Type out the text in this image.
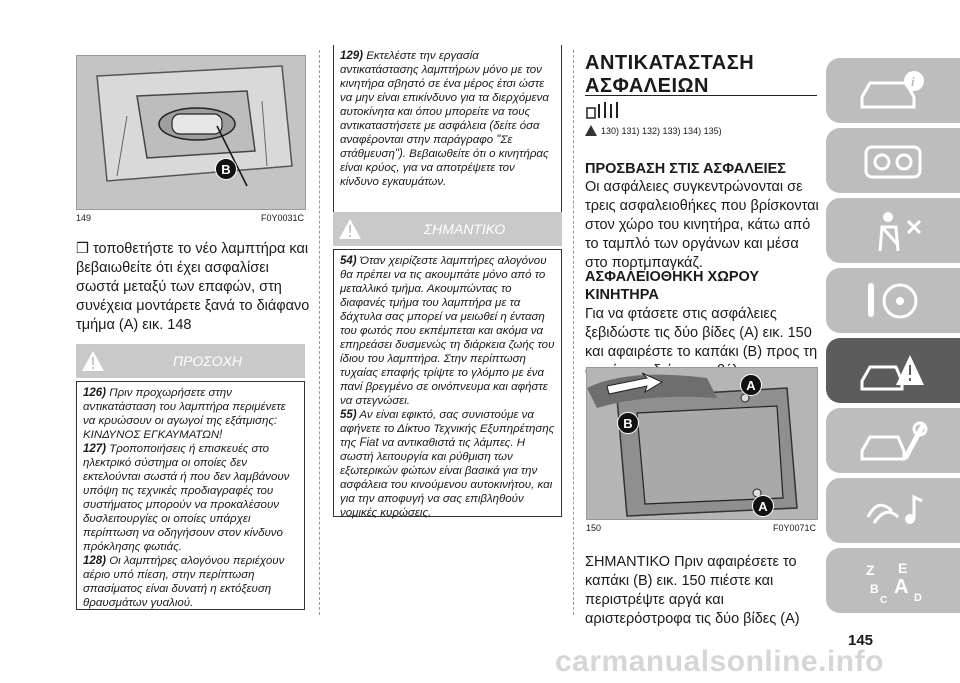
B
149	F0Y0031C
❒ τοποθετήστε το νέο λαμπτήρα και βεβαιωθείτε ότι έχει ασφαλίσει σωστά μεταξύ των επαφών, στη συνέχεια μοντάρετε ξανά το διάφανο τμήμα (A) εικ. 148
ΠΡΟΣΟΧΗ
126) Πριν προχωρήσετε στην αντικατάσταση του λαμπτήρα περιμένετε να κρυώσουν οι αγωγοί της εξάτμισης: ΚΙΝΔΥΝΟΣ ΕΓΚΑΥΜΑΤΩΝ!
127) Τροποποιήσεις ή επισκευές στο ηλεκτρικό σύστημα οι οποίες δεν εκτελούνται σωστά ή που δεν λαμβάνουν υπόψη τις τεχνικές προδιαγραφές του συστήματος μπορούν να προκαλέσουν δυσλειτουργίες οι οποίες υπάρχει περίπτωση να οδηγήσουν στον κίνδυνο πρόκλησης φωτιάς.
128) Οι λαμπτήρες αλογόνου περιέχουν αέριο υπό πίεση, στην περίπτωση σπασίματος είναι δυνατή η εκτόξευση θραυσμάτων γυαλιού.
129) Εκτελέστε την εργασία αντικατάστασης λαμπτήρων μόνο με τον κινητήρα σβηστό σε ένα μέρος έτσι ώστε να μην είναι επικίνδυνο για τα διερχόμενα αυτοκίνητα και όπου μπορείτε να τους αντικαταστήσετε με ασφάλεια (δείτε όσα αναφέρονται στην παράγραφο "Σε στάθμευση"). Βεβαιωθείτε ότι ο κινητήρας είναι κρύος, για να αποτρέψετε τον κίνδυνο εγκαυμάτων.
ΣΗΜΑΝΤΙΚΟ
54) Όταν χειρίζεστε λαμπτήρες αλογόνου θα πρέπει να τις ακουμπάτε μόνο από το μεταλλικό τμήμα. Ακουμπώντας το διαφανές τμήμα του λαμπτήρα με τα δάχτυλα σας μπορεί να μειωθεί η ένταση του φωτός που εκπέμπεται και ακόμα να επηρεάσει δυσμενώς τη διάρκεια ζωής του ίδιου του λαμπτήρα. Στην περίπτωση τυχαίας επαφής τρίψτε το γλόμπο με ένα πανί βρεγμένο σε οινόπνευμα και αφήστε να στεγνώσει.
55) Αν είναι εφικτό, σας συνιστούμε να αφήνετε το Δίκτυο Τεχνικής Εξυπηρέτησης της Fiat να αντικαθιστά τις λάμπες. Η σωστή λειτουργία και ρύθμιση των εξωτερικών φώτων είναι βασικά για την ασφάλεια του κινούμενου αυτοκινήτου, και για την αποφυγή να σας επιβληθούν νομικές κυρώσεις.
ΑΝΤΙΚΑΤΑΣΤΑΣΗ
ΑΣΦΑΛΕΙΩΝ
130) 131) 132) 133) 134) 135)
ΠΡΟΣΒΑΣΗ ΣΤΙΣ ΑΣΦΑΛΕΙΕΣ
Οι ασφάλειες συγκεντρώνονται σε τρεις ασφαλειοθήκες που βρίσκονται στον χώρο του κινητήρα, κάτω από το ταμπλό των οργάνων και μέσα στο πορτμπαγκάζ.
ΑΣΦΑΛΕΙΟΘΗΚΗ ΧΩΡΟΥ
ΚΙΝΗΤΗΡΑ
Για να φτάσετε στις ασφάλειες ξεβιδώστε τις δύο βίδες (A) εικ. 150 και αφαιρέστε το καπάκι (B) προς τη
A
B
A
150	F0Y0071C
ΣΗΜΑΝΤΙΚΟ Πριν αφαιρέσετε το καπάκι (B) εικ. 150 πιέστε και περιστρέψτε αργά και αριστερόστροφα τις δύο βίδες (A)
i
Z E
B A
C D
145
carmanualsonline.info
